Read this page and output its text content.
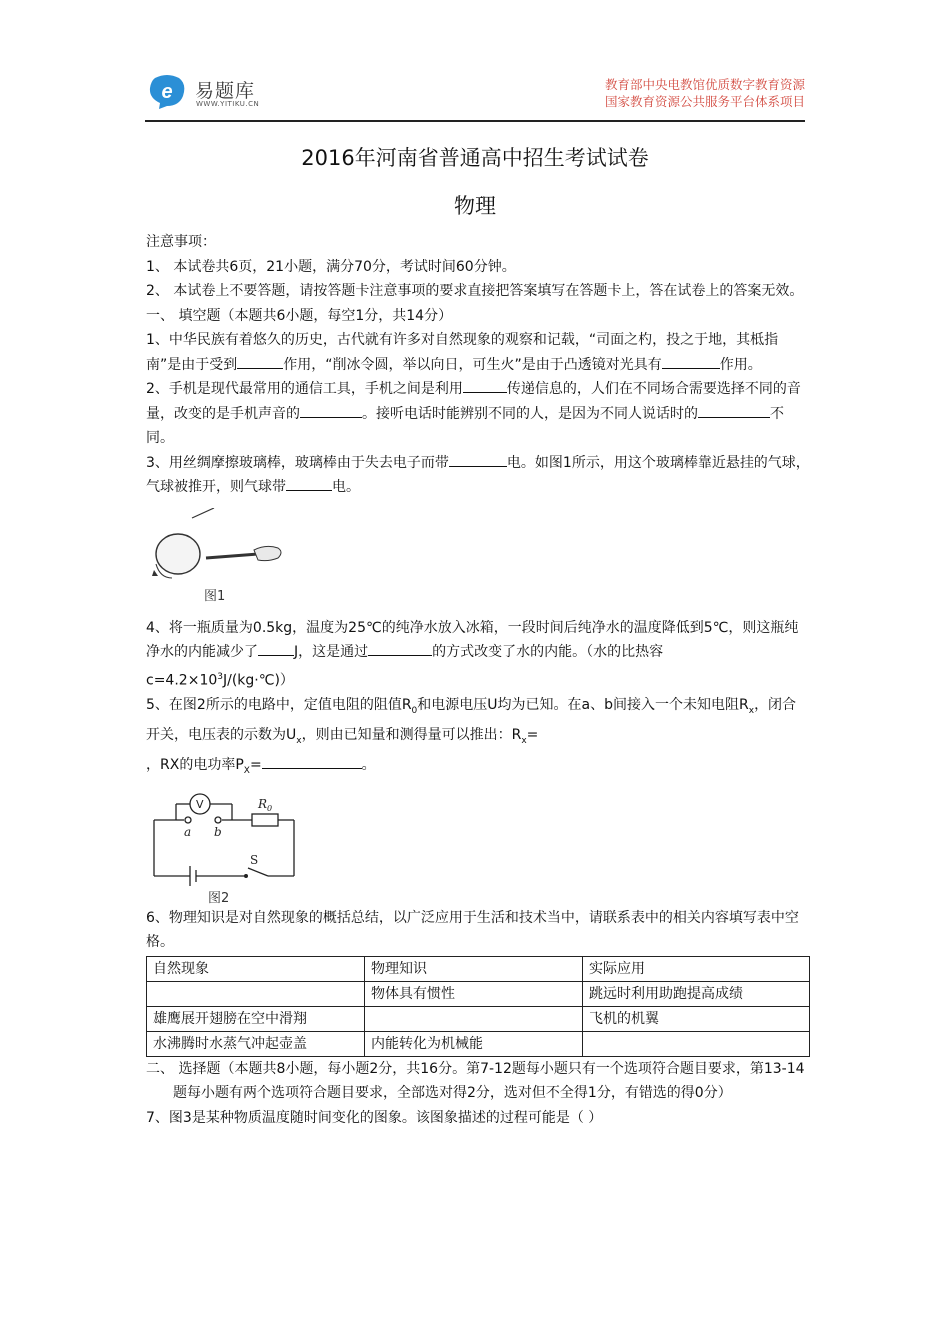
e 易题库
WWW.YITIKU.CN
教育部中央电教馆优质数字教育资源
国家教育资源公共服务平台体系项目
2016年河南省普通高中招生考试试卷
物理

注意事项：

1、 本试卷共6页，21小题，满分70分，考试时间60分钟。

2、 本试卷上不要答题，请按答题卡注意事项的要求直接把答案填写在答题卡上，答在试卷上的答案无效。

一、 填空题（本题共6小题，每空1分，共14分）

1、中华民族有着悠久的历史，古代就有许多对自然现象的观察和记载，“司面之杓，投之于地，其柢指南”是由于受到	作用，“削冰令圆，举以向日，可生火”是由于凸透镜对光具有	作用。

2、手机是现代最常用的通信工具，手机之间是利用	传递信息的，人们在不同场合需要选择不同的音量，改变的是手机声音的	。接听电话时能辨别不同的人，是因为不同人说话时的	不同。

3、用丝绸摩擦玻璃棒，玻璃棒由于失去电子而带	电。如图1所示，用这个玻璃棒靠近悬挂的气球，气球被推开，则气球带	电。

图1

4、将一瓶质量为0.5kg，温度为25℃的纯净水放入冰箱，一段时间后纯净水的温度降低到5℃，则这瓶纯净水的内能减少了	J，这是通过	的方式改变了水的内能。（水的比热容$c=4.2\times 10^3J/(kg\cdot℃)$）

5、在图2所示的电路中，定值电阻的阻值$R_0$和电源电压U均为已知。在a、b间接入一个未知电阻$R_x$，闭合开关，电压表的示数为$U_x$，则由已知量和测得量可以推出：$R_x=$
，RX的电功率$P_X=$	。

V
a b
$R_0$
S
图2

6、物理知识是对自然现象的概括总结，以广泛应用于生活和技术当中，请联系表中的相关内容填写表中空格。

自然现象	物理知识	实际应用
	物体具有惯性	跳远时利用助跑提高成绩
雄鹰展开翅膀在空中滑翔		飞机的机翼
水沸腾时水蒸气冲起壶盖	内能转化为机械能	

二、 选择题（本题共8小题，每小题2分，共16分。第7-12题每小题只有一个选项符合题目要求，第13-14题每小题有两个选项符合题目要求，全部选对得2分，选对但不全得1分，有错选的得0分）

7、图3是某种物质温度随时间变化的图象。该图象描述的过程可能是（ ）
